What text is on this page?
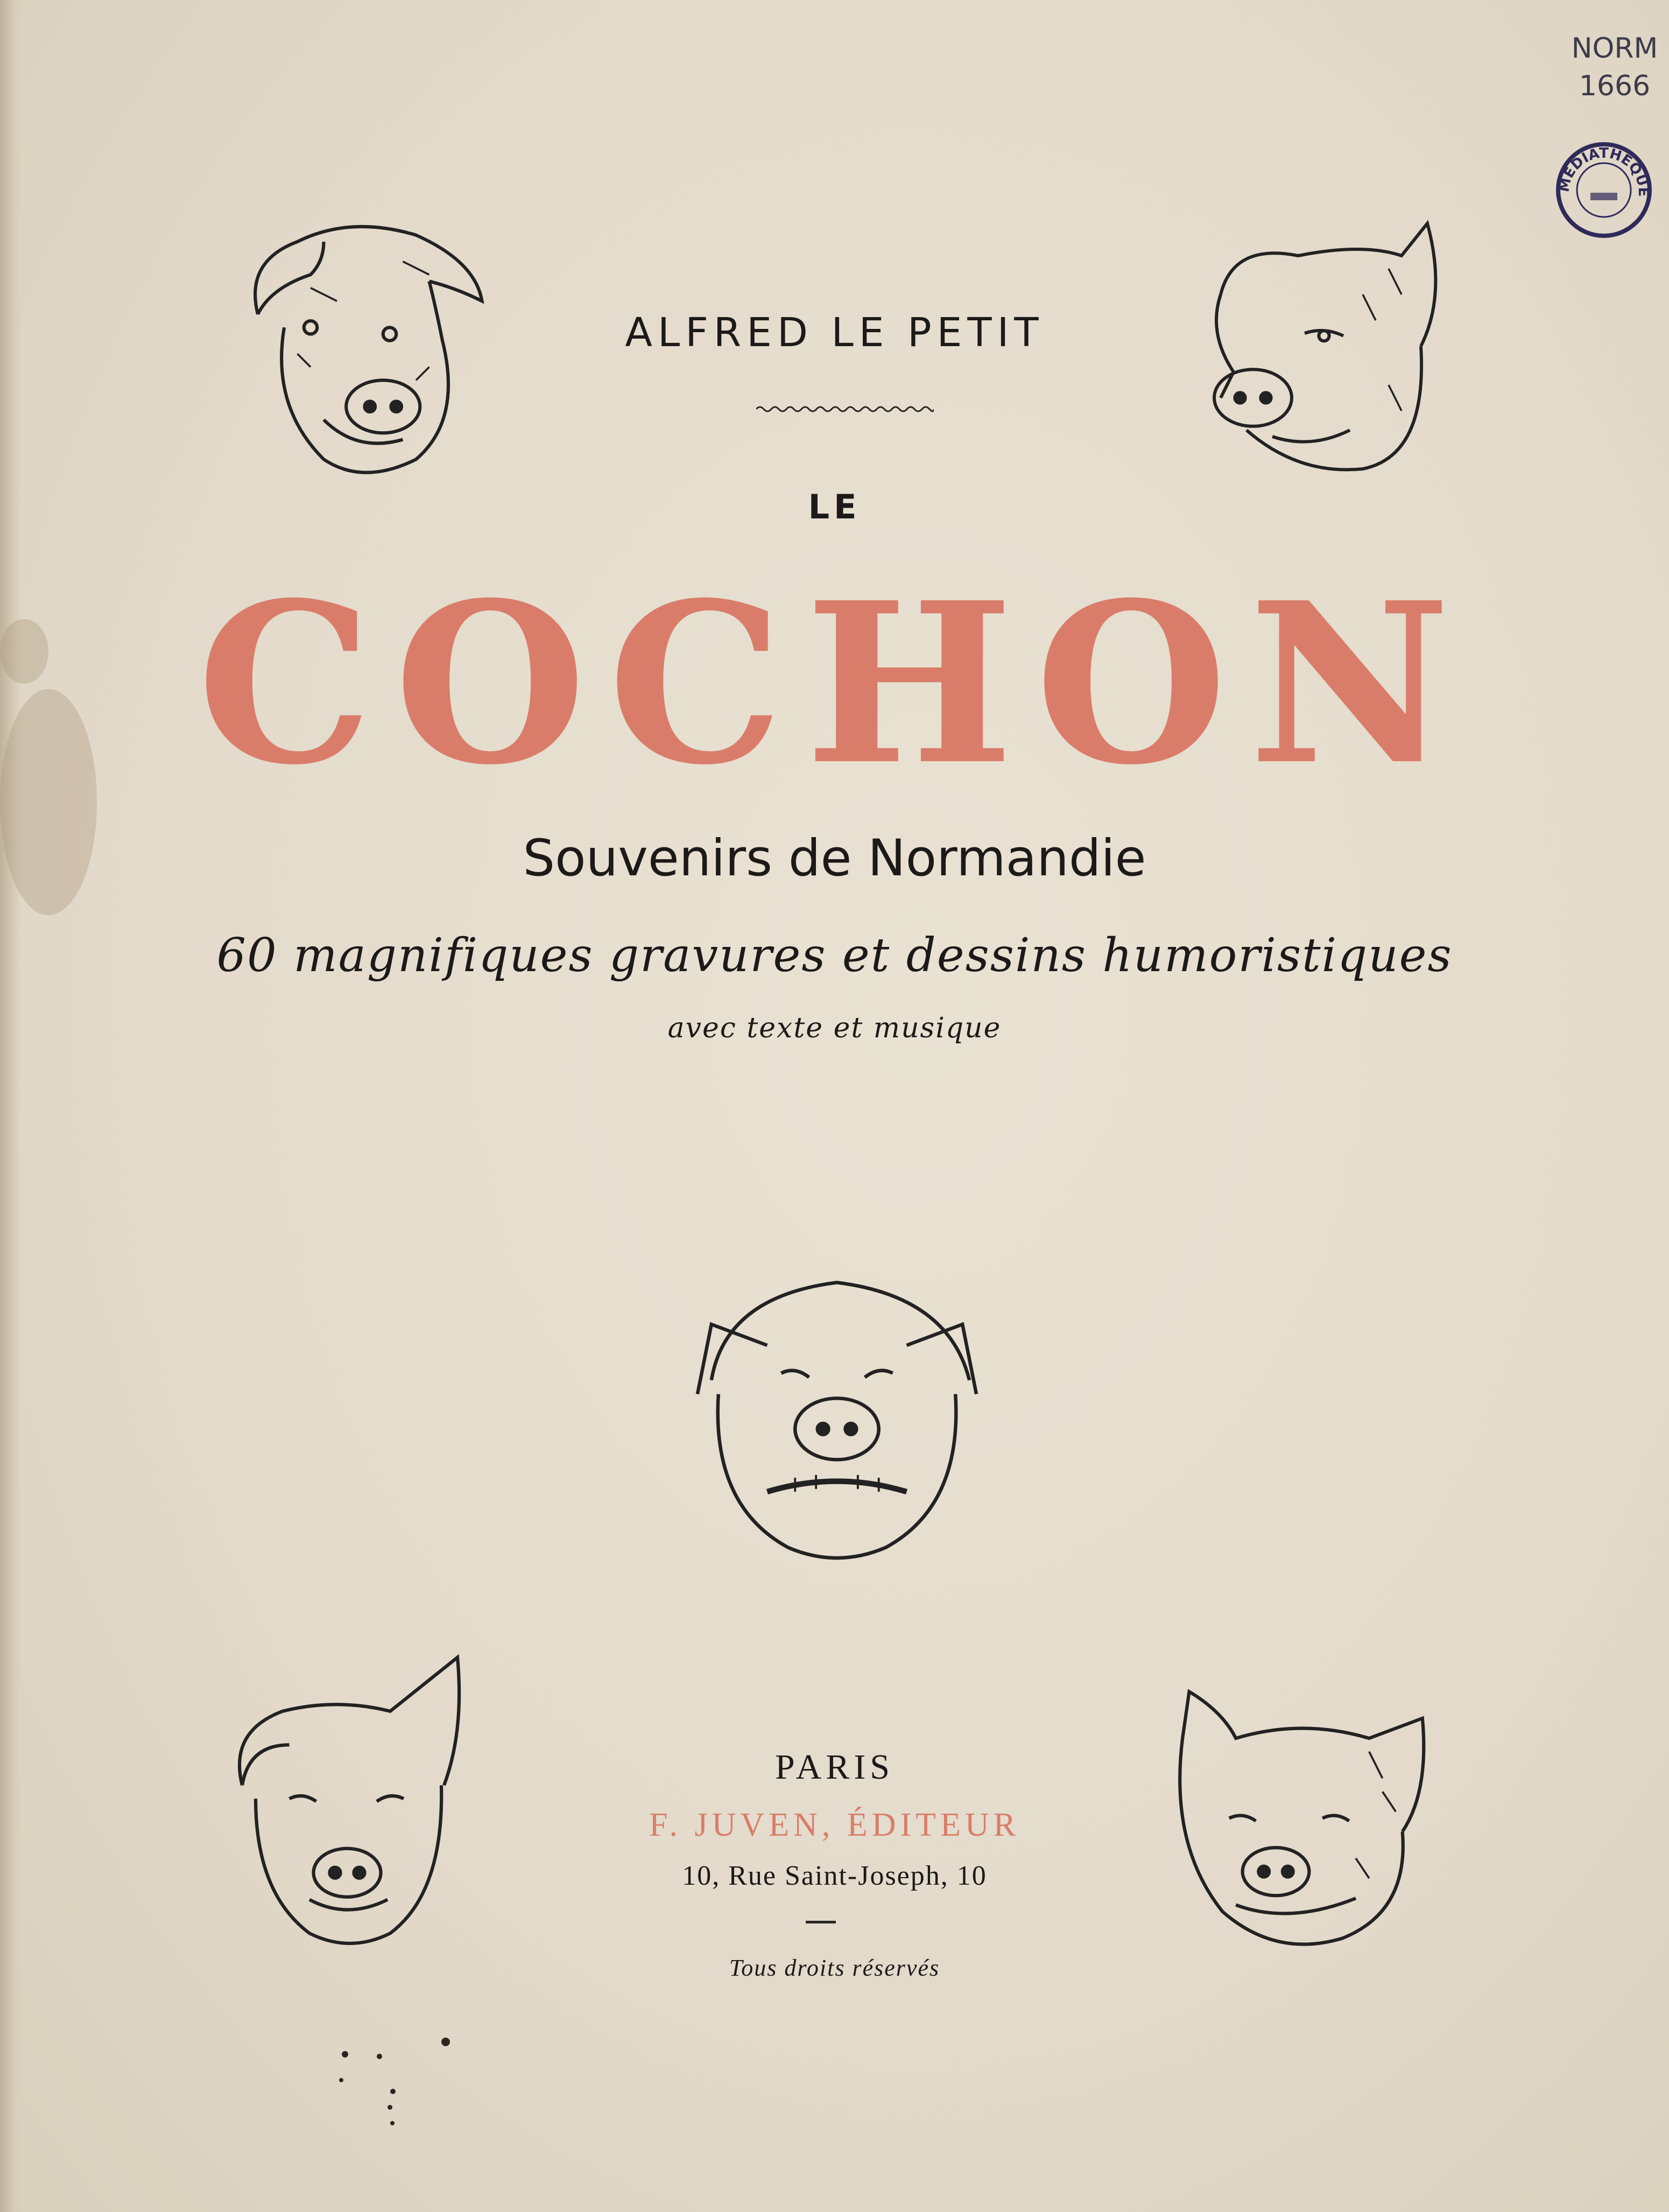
NORM
1666
MÉDIATHÈQUE
ALFRED LE PETIT
LE
COCHON
Souvenirs de Normandie
60 magnifiques gravures et dessins humoristiques
avec texte et musique
PARIS
F. JUVEN, ÉDITEUR
10, Rue Saint-Joseph, 10
Tous droits réservés
